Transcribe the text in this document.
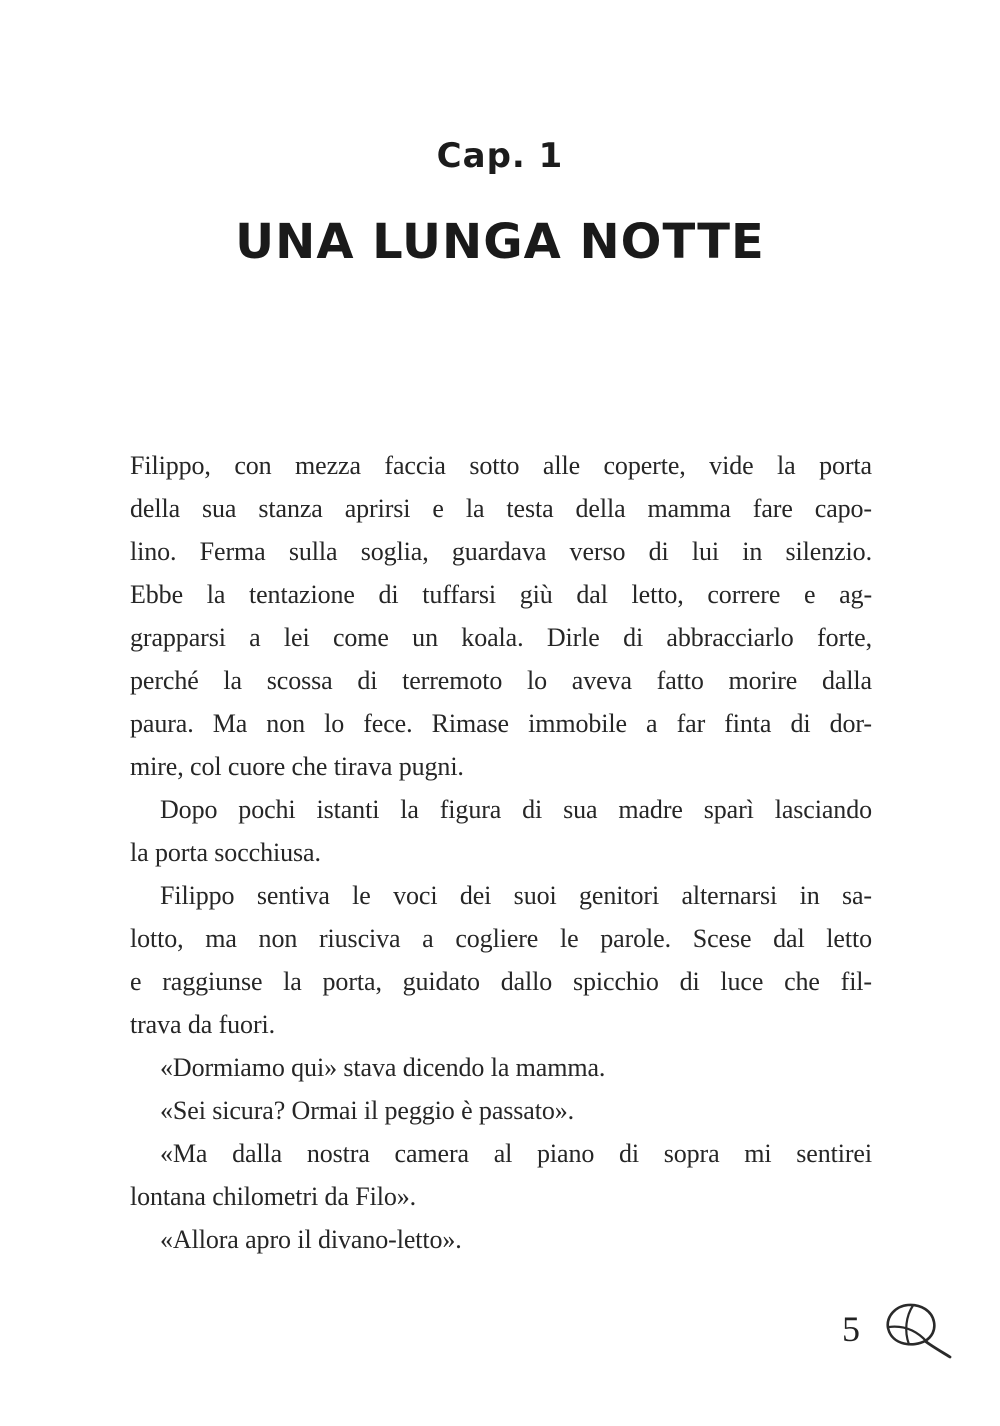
Cap. 1
UNA LUNGA NOTTE
Filippo, con mezza faccia sotto alle coperte, vide la porta
della sua stanza aprirsi e la testa della mamma fare capo-
lino. Ferma sulla soglia, guardava verso di lui in silenzio.
Ebbe la tentazione di tuffarsi giù dal letto, correre e ag-
grapparsi a lei come un koala. Dirle di abbracciarlo forte,
perché la scossa di terremoto lo aveva fatto morire dalla
paura. Ma non lo fece. Rimase immobile a far finta di dor-
mire, col cuore che tirava pugni.
Dopo pochi istanti la figura di sua madre sparì lasciando
la porta socchiusa.
Filippo sentiva le voci dei suoi genitori alternarsi in sa-
lotto, ma non riusciva a cogliere le parole. Scese dal letto
e raggiunse la porta, guidato dallo spicchio di luce che fil-
trava da fuori.
«Dormiamo qui» stava dicendo la mamma.
«Sei sicura? Ormai il peggio è passato».
«Ma dalla nostra camera al piano di sopra mi sentirei
lontana chilometri da Filo».
«Allora apro il divano-letto».
5
